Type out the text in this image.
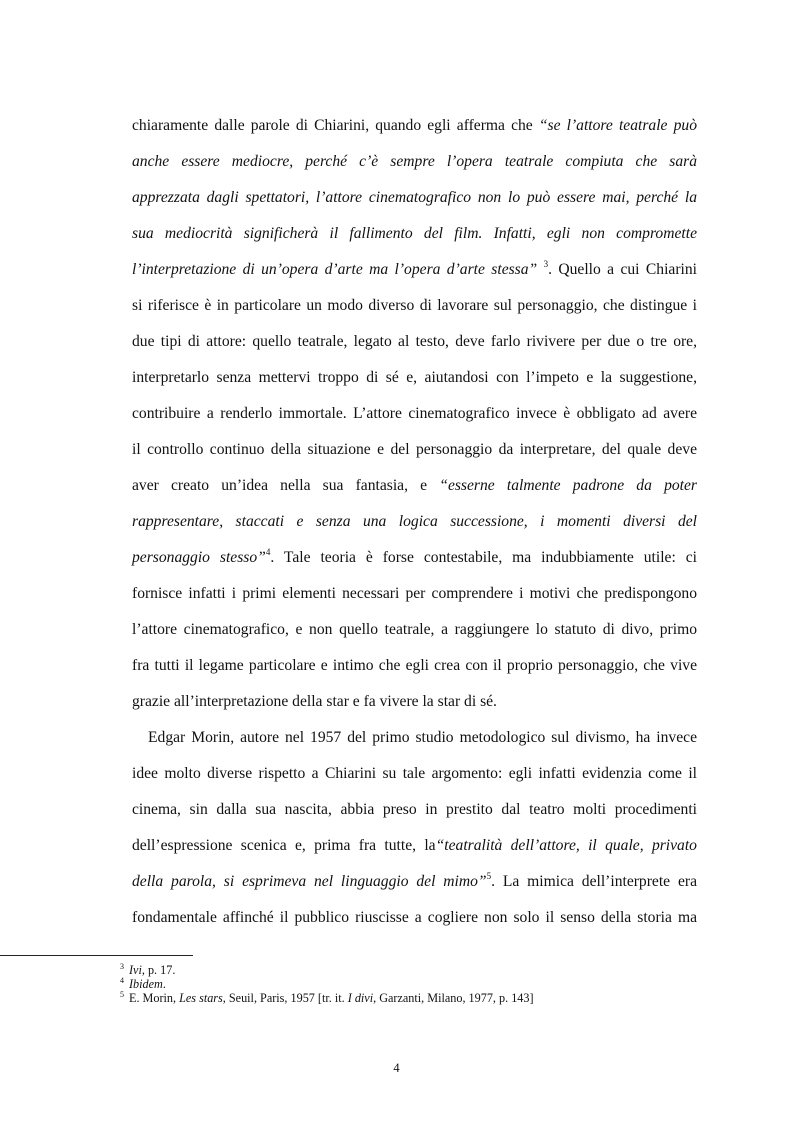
chiaramente dalle parole di Chiarini, quando egli afferma che “se l’attore teatrale può
anche essere mediocre, perché c’è sempre l’opera teatrale compiuta che sarà
apprezzata dagli spettatori, l’attore cinematografico non lo può essere mai, perché la
sua mediocrità significherà il fallimento del film. Infatti, egli non compromette
l’interpretazione di un’opera d’arte ma l’opera d’arte stessa” $^3$. Quello a cui Chiarini
si riferisce è in particolare un modo diverso di lavorare sul personaggio, che distingue i
due tipi di attore: quello teatrale, legato al testo, deve farlo rivivere per due o tre ore,
interpretarlo senza mettervi troppo di sé e, aiutandosi con l’impeto e la suggestione,
contribuire a renderlo immortale. L’attore cinematografico invece è obbligato ad avere
il controllo continuo della situazione e del personaggio da interpretare, del quale deve
aver creato un’idea nella sua fantasia, e “esserne talmente padrone da poter
rappresentare, staccati e senza una logica successione, i momenti diversi del
personaggio stesso”$^4$. Tale teoria è forse contestabile, ma indubbiamente utile: ci
fornisce infatti i primi elementi necessari per comprendere i motivi che predispongono
l’attore cinematografico, e non quello teatrale, a raggiungere lo statuto di divo, primo
fra tutti il legame particolare e intimo che egli crea con il proprio personaggio, che vive
grazie all’interpretazione della star e fa vivere la star di sé.
Edgar Morin, autore nel 1957 del primo studio metodologico sul divismo, ha invece
idee molto diverse rispetto a Chiarini su tale argomento: egli infatti evidenzia come il
cinema, sin dalla sua nascita, abbia preso in prestito dal teatro molti procedimenti
dell’espressione scenica e, prima fra tutte, la“teatralità dell’attore, il quale, privato
della parola, si esprimeva nel linguaggio del mimo”$^5$. La mimica dell’interprete era
fondamentale affinché il pubblico riuscisse a cogliere non solo il senso della storia ma
$^3$ Ivi, p. 17.
$^4$ Ibidem.
$^5$ E. Morin, Les stars, Seuil, Paris, 1957 [tr. it. I divi, Garzanti, Milano, 1977, p. 143]
4
